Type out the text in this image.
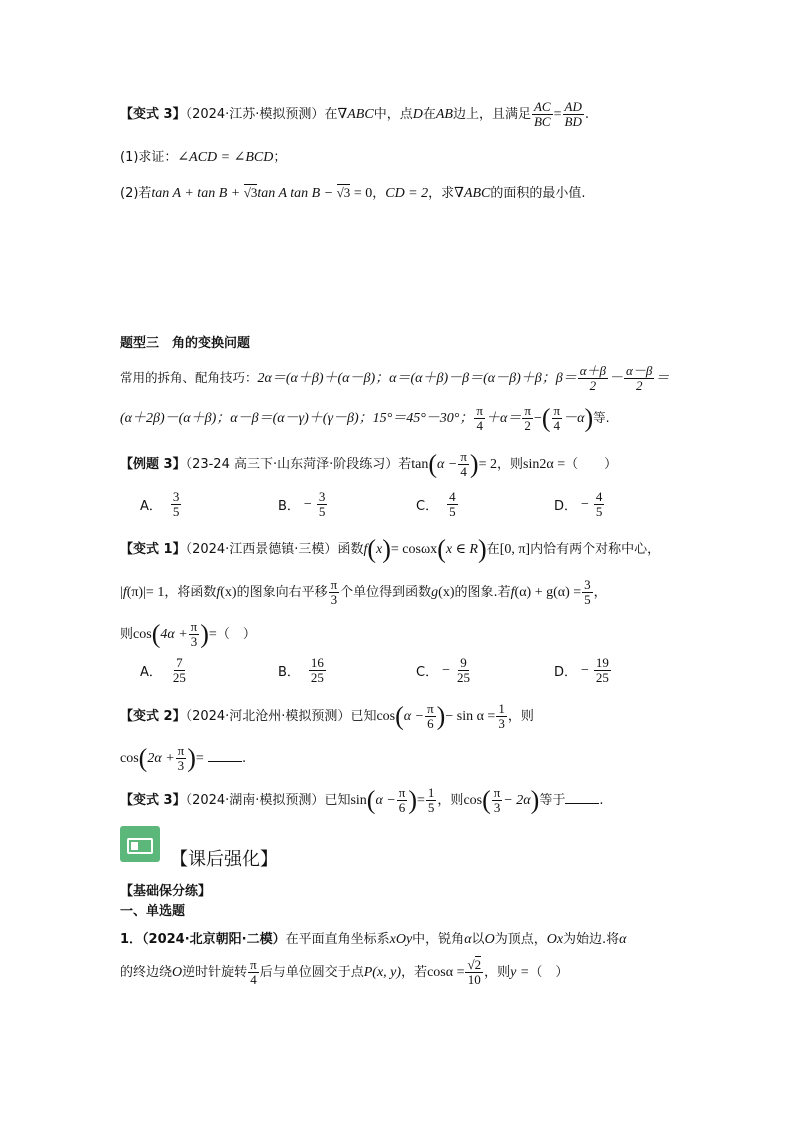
【变式 3】（2024·江苏·模拟预测）在∇ABC中，点D在AB边上，且满足 $\frac{AC}{BC} = \frac{AD}{BD}$ .
(1)求证：∠ACD = ∠BCD；
(2)若tan A + tan B + √3tan A tan B − √3 = 0，CD = 2，求∇ABC的面积的最小值.
题型三　角的变换问题
常用的拆角、配角技巧：2α＝(α＋β)＋(α－β)；α＝(α＋β)－β＝(α－β)＋β；$\beta= \frac{\alpha+\beta}{2} - \frac{\alpha-\beta}{2}$ ＝
(α＋2β)－(α＋β)；α－β＝(α－γ)＋(γ－β)；15°＝45°－30°； $\frac{\pi}{4} +\alpha= \frac{\pi}{2}$ −( $\frac{\pi}{4} -\alpha$)等.
【例题 3】（23-24 高三下·山东菏泽·阶段练习）若$\tan(\alpha - \frac{\pi}{4}$ )= 2，则sin2α =（　　）
A． $\frac{3}{5}$	B． − $\frac{3}{5}$	C． $\frac{4}{5}$	D． − $\frac{4}{5}$
【变式 1】（2024·江西景德镇·三模）函数f(x)= cosωx(x ∈ R)在[0, π]内恰有两个对称中心，
|f(π)|= 1，将函数f(x)的图象向右平移 $\frac{\pi}{3}$ 个单位得到函数g(x)的图象.若$f(\alpha) + g(\alpha) = \frac{3}{5}$ ，
则$\cos(4\alpha + \frac{\pi}{3}$ )=（　）
A． $\frac{7}{25}$	B． $\frac{16}{25}$	C． − $\frac{9}{25}$	D． − $\frac{19}{25}$
【变式 2】（2024·河北沧州·模拟预测）已知$\cos(\alpha - \frac{\pi}{6}$ )− $\sin \alpha = \frac{1}{3}$ ，则
$\cos(2\alpha + \frac{\pi}{3}$ )=	.
【变式 3】（2024·湖南·模拟预测）已知$\sin(\alpha - \frac{\pi}{6}$ )= $\frac{1}{5}$ ，则$\cos( \frac{\pi}{3} - 2\alpha)$等于	.
【课后强化】
【基础保分练】
一、单选题
1．（2024·北京朝阳·二模）在平面直角坐标系xOy中，锐角α以O为顶点，Ox为始边.将α
的终边绕O逆时针旋转 $\frac{\pi}{4}$ 后与单位圆交于点P(x, y)，若$\cos\alpha = \frac{√2}{10}$ ，则y =（　）
